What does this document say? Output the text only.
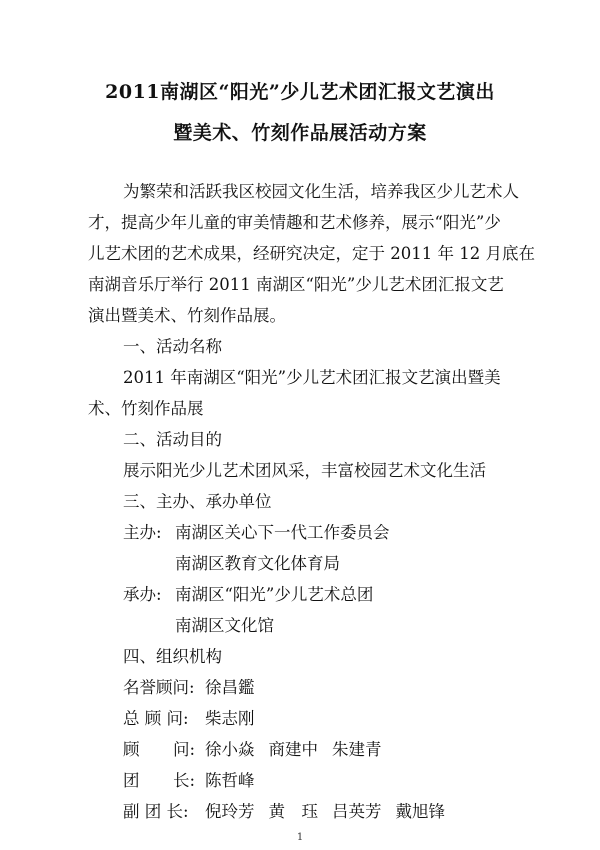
2011南湖区“阳光”少儿艺术团汇报文艺演出
暨美术、竹刻作品展活动方案
为繁荣和活跃我区校园文化生活，培养我区少儿艺术人
才，提高少年儿童的审美情趣和艺术修养，展示“阳光”少
儿艺术团的艺术成果，经研究决定，定于 2011 年 12 月底在
南湖音乐厅举行 2011 南湖区“阳光”少儿艺术团汇报文艺
演出暨美术、竹刻作品展。
一、活动名称
2011 年南湖区“阳光”少儿艺术团汇报文艺演出暨美
术、竹刻作品展
二、活动目的
展示阳光少儿艺术团风采，丰富校园艺术文化生活
三、主办、承办单位
主办: 南湖区关心下一代工作委员会
南湖区教育文化体育局
承办: 南湖区“阳光”少儿艺术总团
南湖区文化馆
四、组织机构
名誉顾问: 徐昌鑑
总 顾 问: 柴志刚
顾 问: 徐小焱 商建中 朱建青
团 长: 陈哲峰
副 团 长: 倪玲芳 黄　珏 吕英芳 戴旭锋
1
